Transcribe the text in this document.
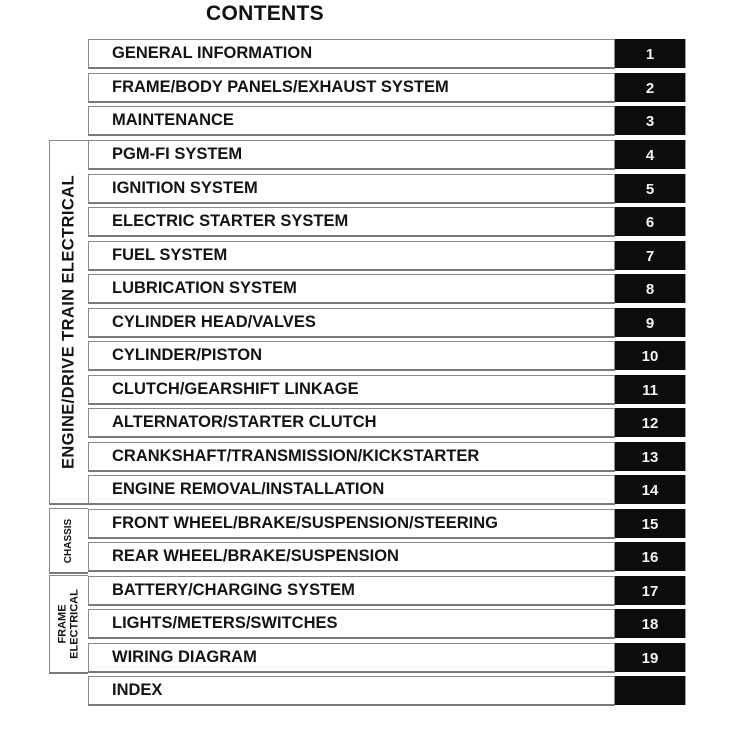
CONTENTS
ENGINE/DRIVE TRAIN ELECTRICAL
CHASSIS
FRAME ELECTRICAL
GENERAL INFORMATION	1
FRAME/BODY PANELS/EXHAUST SYSTEM	2
MAINTENANCE	3
PGM-FI SYSTEM	4
IGNITION SYSTEM	5
ELECTRIC STARTER SYSTEM	6
FUEL SYSTEM	7
LUBRICATION SYSTEM	8
CYLINDER HEAD/VALVES	9
CYLINDER/PISTON	10
CLUTCH/GEARSHIFT LINKAGE	11
ALTERNATOR/STARTER CLUTCH	12
CRANKSHAFT/TRANSMISSION/KICKSTARTER	13
ENGINE REMOVAL/INSTALLATION	14
FRONT WHEEL/BRAKE/SUSPENSION/STEERING	15
REAR WHEEL/BRAKE/SUSPENSION	16
BATTERY/CHARGING SYSTEM	17
LIGHTS/METERS/SWITCHES	18
WIRING DIAGRAM	19
INDEX
